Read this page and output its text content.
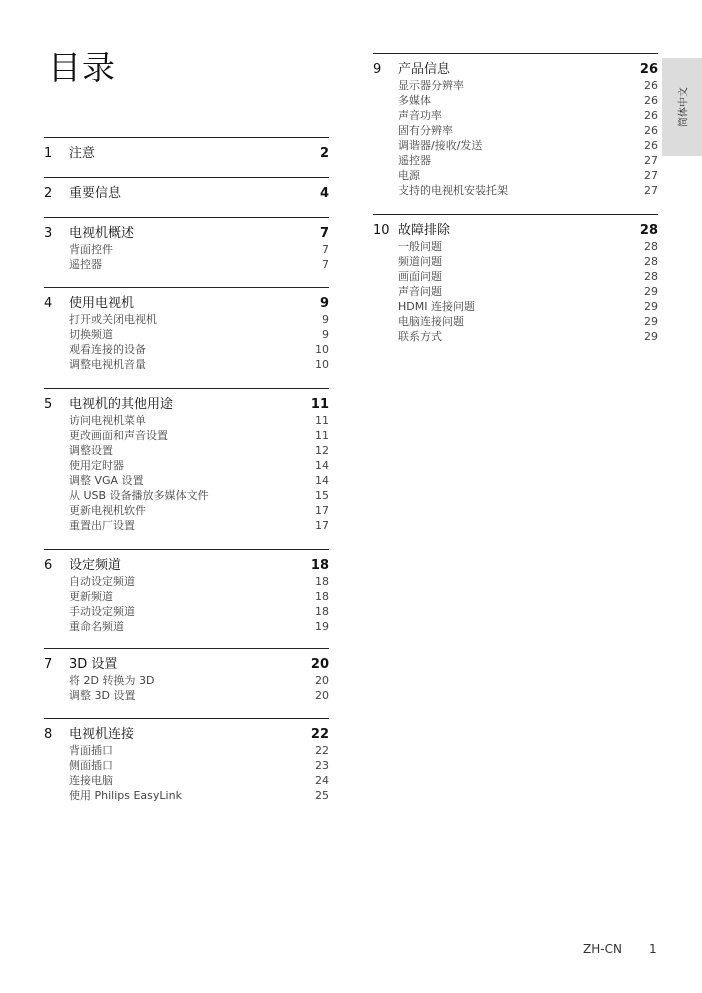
目录
简体中文
ZH-CN 1
1 注意	2
2 重要信息	4
3 电视机概述	7
背面控件	7
遥控器	7
4 使用电视机	9
打开或关闭电视机	9
切换频道	9
观看连接的设备	10
调整电视机音量	10
5 电视机的其他用途	11
访问电视机菜单	11
更改画面和声音设置	11
调整设置	12
使用定时器	14
调整 VGA 设置	14
从 USB 设备播放多媒体文件	15
更新电视机软件	17
重置出厂设置	17
6 设定频道	18
自动设定频道	18
更新频道	18
手动设定频道	18
重命名频道	19
7 3D 设置	20
将 2D 转换为 3D	20
调整 3D 设置	20
8 电视机连接	22
背面插口	22
侧面插口	23
连接电脑	24
使用 Philips EasyLink	25
9 产品信息	26
显示器分辨率	26
多媒体	26
声音功率	26
固有分辨率	26
调谐器/接收/发送	26
遥控器	27
电源	27
支持的电视机安装托架	27
10 故障排除	28
一般问题	28
频道问题	28
画面问题	28
声音问题	29
HDMI 连接问题	29
电脑连接问题	29
联系方式	29
